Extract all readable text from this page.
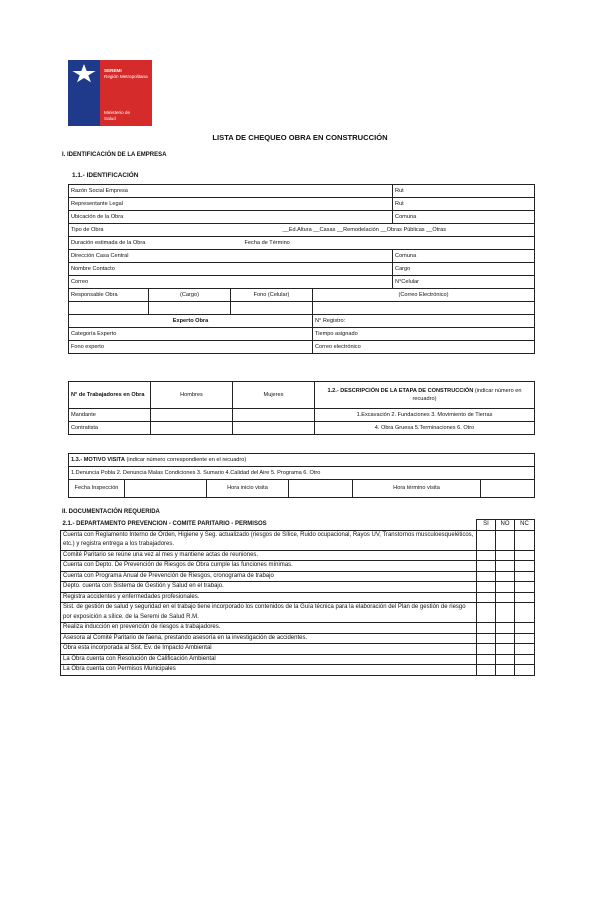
SEREMI
Región Metropolitana
Ministerio de
Salud
LISTA DE CHEQUEO OBRA EN CONSTRUCCIÓN
I. IDENTIFICACIÓN DE LA EMPRESA
1.1.- IDENTIFICACIÓN
Razón Social Empresa				Rut
Representante Legal				Rut
Ubicación de la Obra				Comuna
Tipo de Obra __Ed.Altura __Casas __Remodelación __Obras Públicas __Otras				

Duración estimada de la Obra Fecha de Término				

Dirección Casa Central				Comuna
Nombre Contacto				Cargo
Correo				N°Celular
Responsable Obra	(Cargo)	Fono (Celular)	(Correo Electrónico)	

Experto Obra			N° Registro:	
Categoría Experto			Tiempo asignado	
Fono experto			Correo electrónico	
N° de Trabajadores en Obra	Hombres	Mujeres	1.2.- DESCRIPCIÓN DE LA ETAPA DE CONSTRUCCIÓN (indicar número en recuadro)
Mandante			1.Excavación 2. Fundaciones 3. Movimiento de Tierras
Contratista			4. Obra Gruesa 5.Terminaciones 6. Otro
1.3.- MOTIVO VISITA (indicar número correspondiente en el recuadro)
1.Denuncia Pobla 2. Denuncia Malas Condiciones 3. Sumario 4.Calidad del Aire 5. Programa 6. Otro
Fecha Inspección		Hora inicio visita		Hora término visita	
II. DOCUMENTACIÓN REQUERIDA
2.1.- DEPARTAMENTO PREVENCIÓN - COMITÉ PARITARIO - PERMISOS	SI	NO	NC
Cuenta con Reglamento Interno de Orden, Higiene y Seg. actualizado (riesgos de Sílice, Ruido ocupacional, Rayos UV, Transtornos musculoesqueléticos, etc.) y registra entrega a los trabajadores.			
Comité Paritario se reúne una vez al mes y mantiene actas de reuniones.			
Cuenta con Depto. De Prevención de Riesgos de Obra cumple las funciones mínimas.			
Cuenta con Programa Anual de Prevención de Riesgos, cronograma de trabajo			
Depto. cuenta con Sistema de Gestión y Salud en el trabajo.			
Registra accidentes y enfermedades profesionales.			
Sist. de gestión de salud y seguridad en el trabajo tiene incorporado los contenidos de la Guía técnica para la elaboración del Plan de gestión de riesgo por exposición a sílice. de la Seremi de Salud R.M.			
Realiza inducción en prevención de riesgos a trabajadores.			
Asesora al Comité Paritario de faena, prestando asesoría en la investigación de accidentes.			
Obra esta incorporada al Sist. Ev. de Impacto Ambiental			
La Obra cuenta con Resolución de Calificación Ambiental			
La Obra cuenta con Permisos Municipales			
